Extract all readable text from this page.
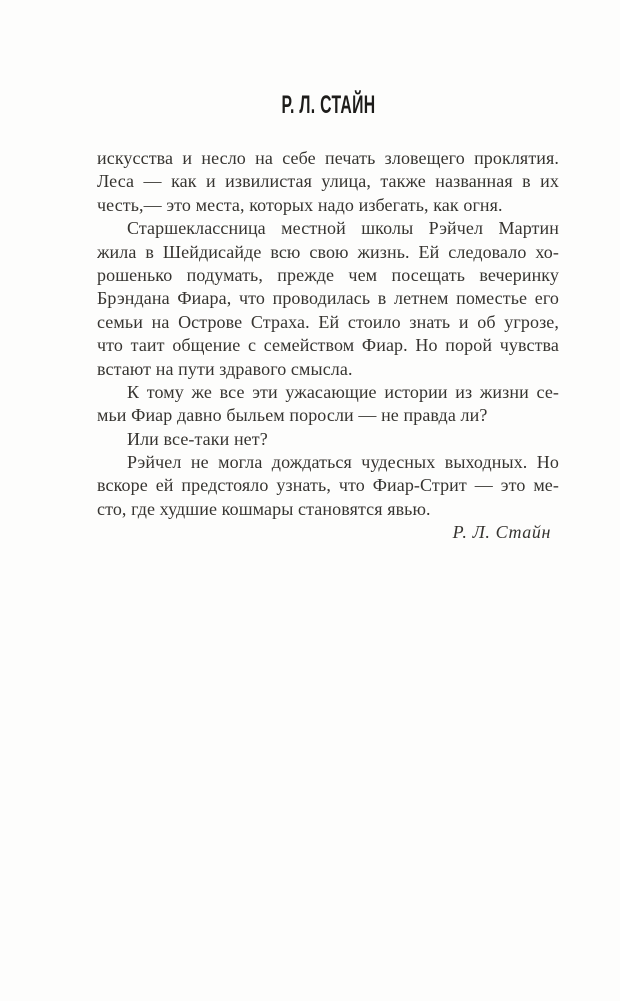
Р. Л. СТАЙН
искусства и несло на себе печать зловещего проклятия.
Леса — как и извилистая улица, также названная в их
честь,— это места, которых надо избегать, как огня.
Старшеклассница местной школы Рэйчел Мартин
жила в Шейдисайде всю свою жизнь. Ей следовало хо-
рошенько подумать, прежде чем посещать вечеринку
Брэндана Фиара, что проводилась в летнем поместье его
семьи на Острове Страха. Ей стоило знать и об угрозе,
что таит общение с семейством Фиар. Но порой чувства
встают на пути здравого смысла.
К тому же все эти ужасающие истории из жизни се-
мьи Фиар давно быльем поросли — не правда ли?
Или все-таки нет?
Рэйчел не могла дождаться чудесных выходных. Но
вскоре ей предстояло узнать, что Фиар-Стрит — это ме-
сто, где худшие кошмары становятся явью.
Р. Л. Стайн
